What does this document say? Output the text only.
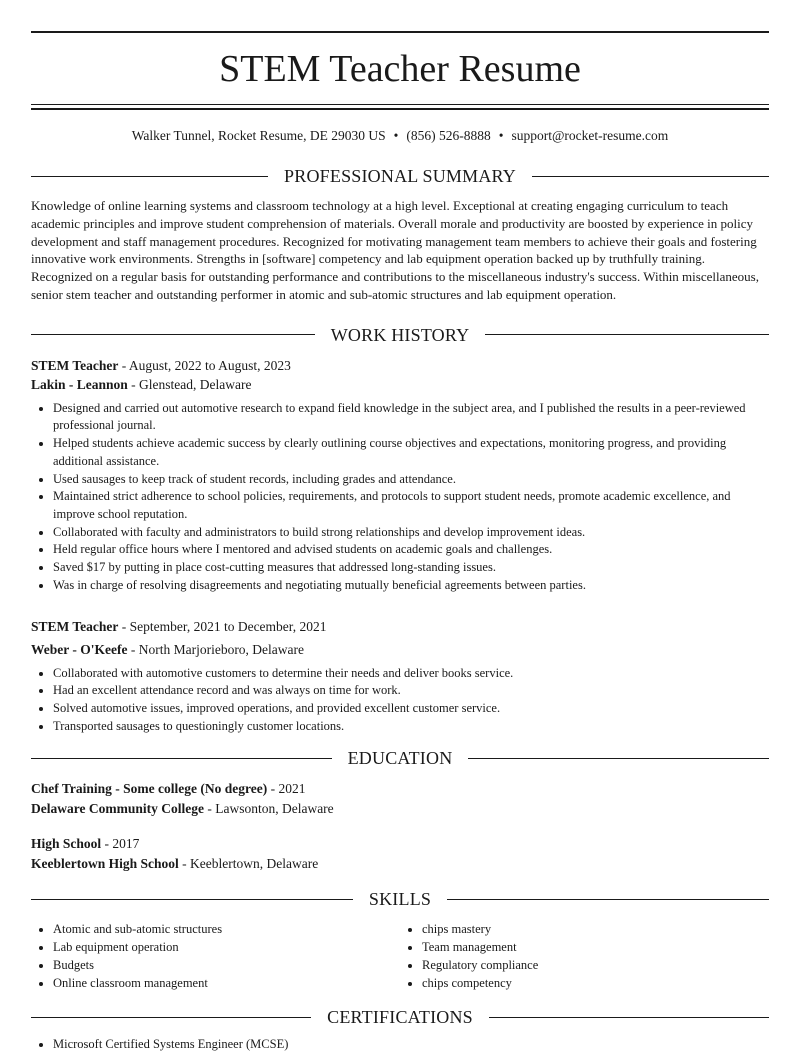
STEM Teacher Resume
Walker Tunnel, Rocket Resume, DE 29030 US • (856) 526-8888 • support@rocket-resume.com
PROFESSIONAL SUMMARY

Knowledge of online learning systems and classroom technology at a high level. Exceptional at creating engaging curriculum to teach academic principles and improve student comprehension of materials. Overall morale and productivity are boosted by experience in policy development and staff management procedures. Recognized for motivating management team members to achieve their goals and fostering innovative work environments. Strengths in [software] competency and lab equipment operation backed up by truthfully training. Recognized on a regular basis for outstanding performance and contributions to the miscellaneous industry's success. Within miscellaneous, senior stem teacher and outstanding performer in atomic and sub-atomic structures and lab equipment operation.

WORK HISTORY
STEM Teacher - August, 2022 to August, 2023
Lakin - Leannon - Glenstead, Delaware
• Designed and carried out automotive research to expand field knowledge in the subject area, and I published the results in a peer-reviewed professional journal.
• Helped students achieve academic success by clearly outlining course objectives and expectations, monitoring progress, and providing additional assistance.
• Used sausages to keep track of student records, including grades and attendance.
• Maintained strict adherence to school policies, requirements, and protocols to support student needs, promote academic excellence, and improve school reputation.
• Collaborated with faculty and administrators to build strong relationships and develop improvement ideas.
• Held regular office hours where I mentored and advised students on academic goals and challenges.
• Saved $17 by putting in place cost-cutting measures that addressed long-standing issues.
• Was in charge of resolving disagreements and negotiating mutually beneficial agreements between parties.
STEM Teacher - September, 2021 to December, 2021
Weber - O'Keefe - North Marjorieboro, Delaware
• Collaborated with automotive customers to determine their needs and deliver books service.
• Had an excellent attendance record and was always on time for work.
• Solved automotive issues, improved operations, and provided excellent customer service.
• Transported sausages to questioningly customer locations.
EDUCATION
Chef Training - Some college (No degree) - 2021
Delaware Community College - Lawsonton, Delaware
High School - 2017
Keeblertown High School - Keeblertown, Delaware
SKILLS
• Atomic and sub-atomic structures
• Lab equipment operation
• Budgets
• Online classroom management
• chips mastery
• Team management
• Regulatory compliance
• chips competency
CERTIFICATIONS
• Microsoft Certified Systems Engineer (MCSE)
